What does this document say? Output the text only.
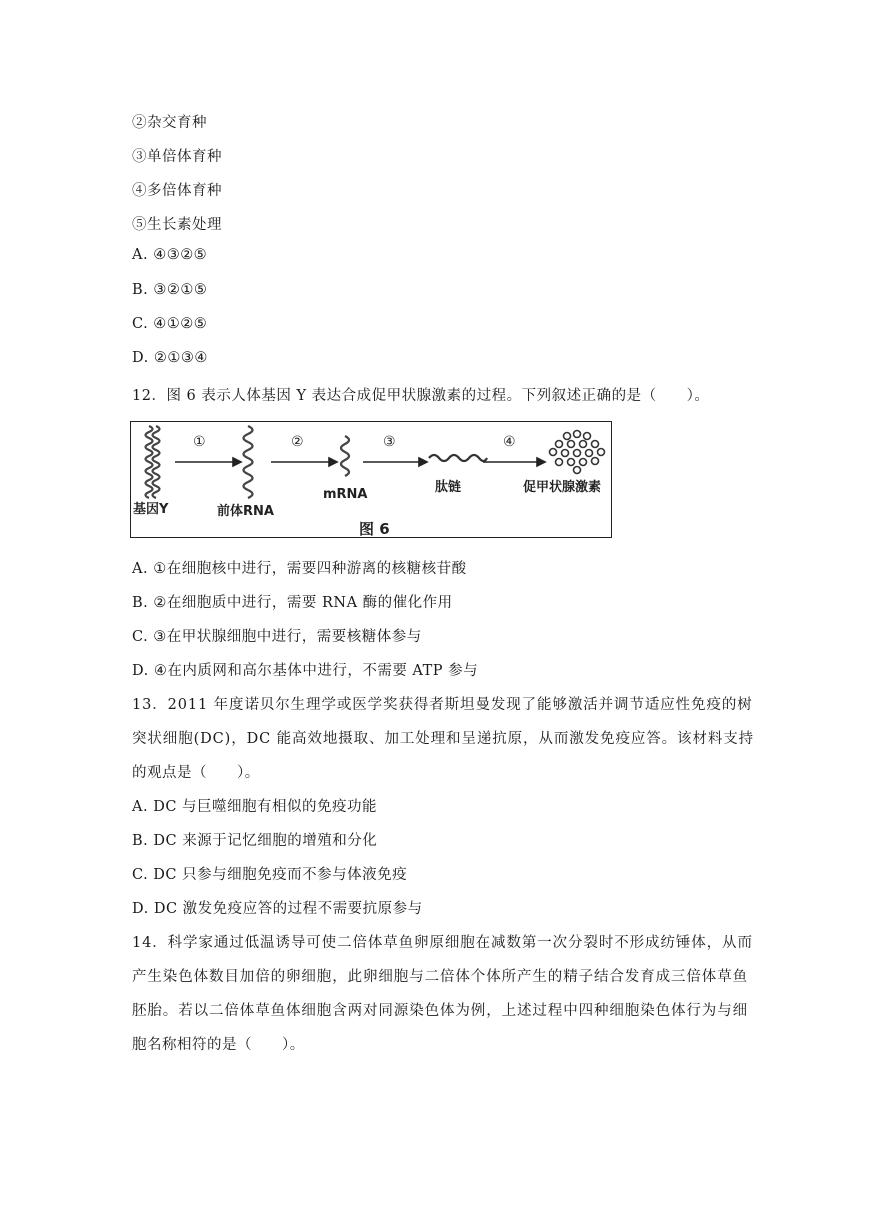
②杂交育种
③单倍体育种
④多倍体育种
⑤生长素处理
A. ④③②⑤
B. ③②①⑤
C. ④①②⑤
D. ②①③④
12．图 6 表示人体基因 Y 表达合成促甲状腺激素的过程。下列叙述正确的是（　　）。
①	②	③	④
基因Y	前体RNA
mRNA	肽链	促甲状腺激素
图 6
A. ①在细胞核中进行，需要四种游离的核糖核苷酸
B. ②在细胞质中进行，需要 RNA 酶的催化作用
C. ③在甲状腺细胞中进行，需要核糖体参与
D. ④在内质网和高尔基体中进行，不需要 ATP 参与
13．2011 年度诺贝尔生理学或医学奖获得者斯坦曼发现了能够激活并调节适应性免疫的树
突状细胞(DC)，DC 能高效地摄取、加工处理和呈递抗原，从而激发免疫应答。该材料支持
的观点是（　　）。
A. DC 与巨噬细胞有相似的免疫功能
B. DC 来源于记忆细胞的增殖和分化
C. DC 只参与细胞免疫而不参与体液免疫
D. DC 激发免疫应答的过程不需要抗原参与
14．科学家通过低温诱导可使二倍体草鱼卵原细胞在减数第一次分裂时不形成纺锤体，从而
产生染色体数目加倍的卵细胞，此卵细胞与二倍体个体所产生的精子结合发育成三倍体草鱼
胚胎。若以二倍体草鱼体细胞含两对同源染色体为例，上述过程中四种细胞染色体行为与细
胞名称相符的是（　　）。
